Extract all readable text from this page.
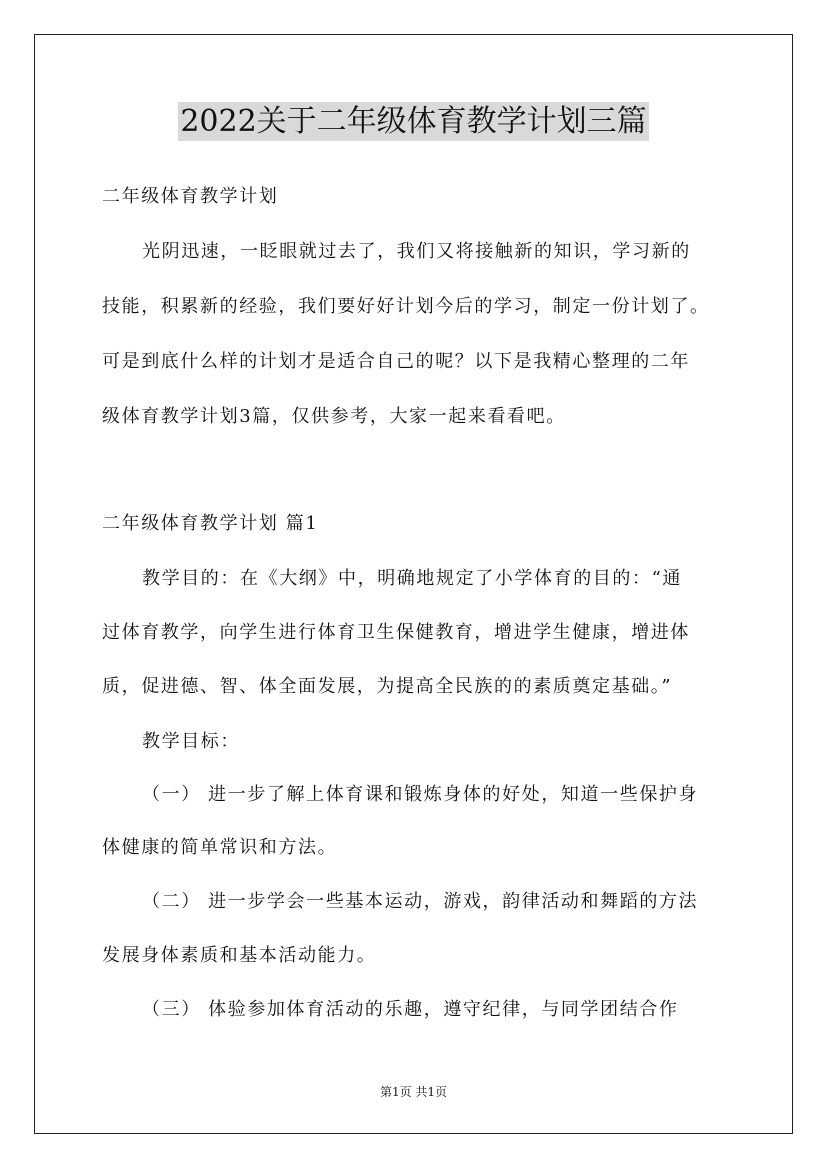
2022关于二年级体育教学计划三篇
二年级体育教学计划
光阴迅速，一眨眼就过去了，我们又将接触新的知识，学习新的
技能，积累新的经验，我们要好好计划今后的学习，制定一份计划了。
可是到底什么样的计划才是适合自己的呢？以下是我精心整理的二年
级体育教学计划3篇，仅供参考，大家一起来看看吧。
二年级体育教学计划 篇1
教学目的：在《大纲》中，明确地规定了小学体育的目的：“通
过体育教学，向学生进行体育卫生保健教育，增进学生健康，增进体
质，促进德、智、体全面发展，为提高全民族的的素质奠定基础。”
教学目标：
（一） 进一步了解上体育课和锻炼身体的好处，知道一些保护身
体健康的简单常识和方法。
（二） 进一步学会一些基本运动，游戏，韵律活动和舞蹈的方法
发展身体素质和基本活动能力。
（三） 体验参加体育活动的乐趣，遵守纪律，与同学团结合作
第1页 共1页
